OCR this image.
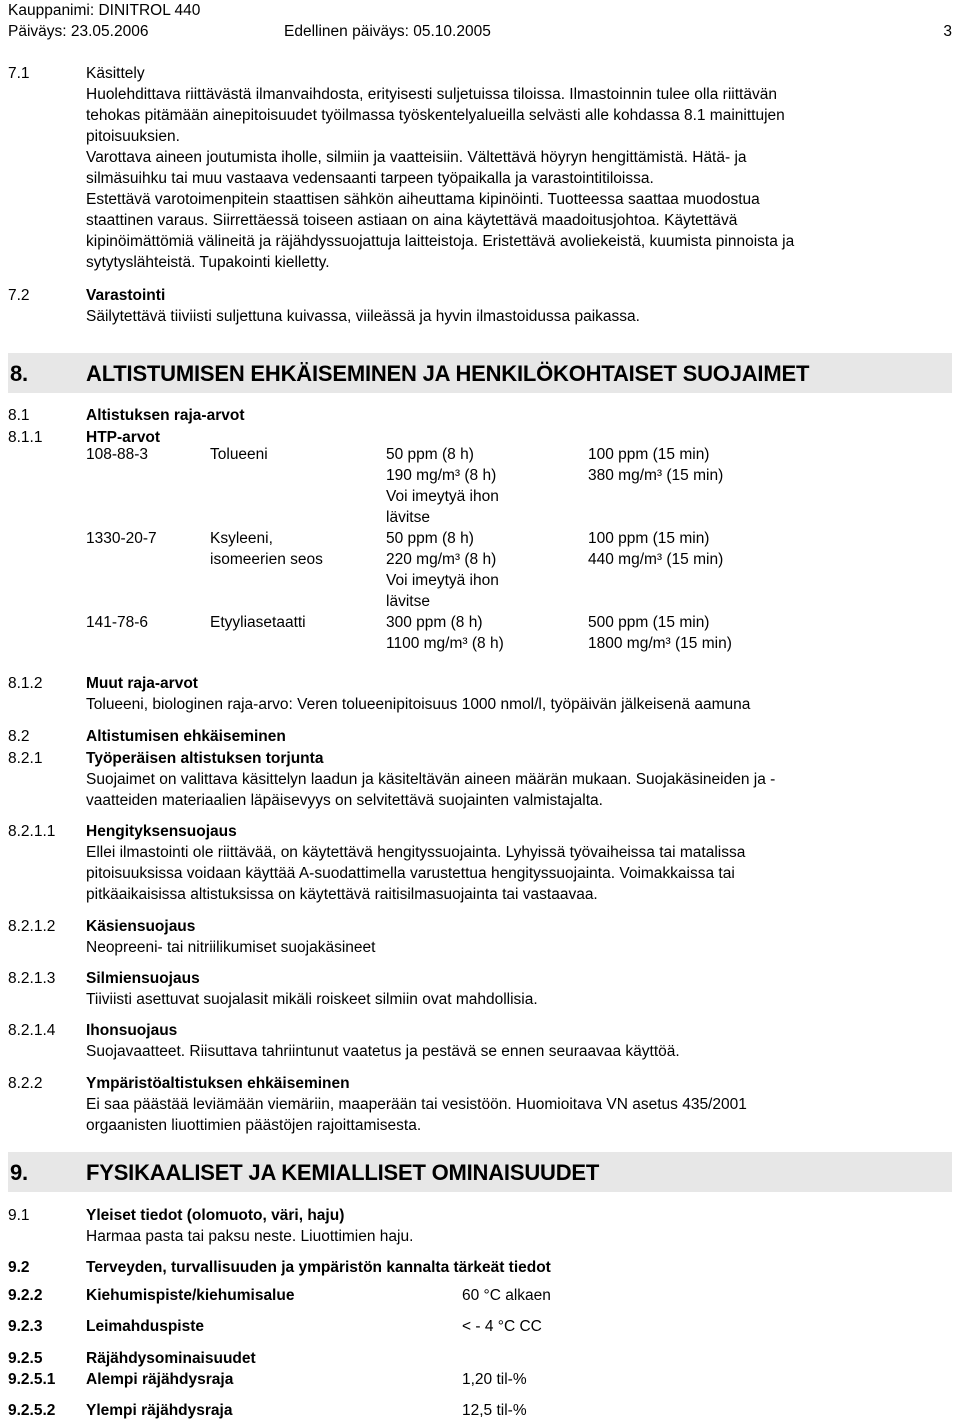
Kauppanimi: DINITROL 440
Päiväys: 23.05.2006	Edellinen päiväys: 05.10.2005	3
7.1	Käsittely

Huolehdittava riittävästä ilmanvaihdosta, erityisesti suljetuissa tiloissa. Ilmastoinnin tulee olla riittävän

tehokas pitämään ainepitoisuudet työilmassa työskentelyalueilla selvästi alle kohdassa 8.1 mainittujen

pitoisuuksien.

Varottava aineen joutumista iholle, silmiin ja vaatteisiin. Vältettävä höyryn hengittämistä. Hätä- ja

silmäsuihku tai muu vastaava vedensaanti tarpeen työpaikalla ja varastointitiloissa.

Estettävä varotoimenpitein staattisen sähkön aiheuttama kipinöinti. Tuotteessa saattaa muodostua

staattinen varaus. Siirrettäessä toiseen astiaan on aina käytettävä maadoitusjohtoa. Käytettävä

kipinöimättömiä välineitä ja räjähdyssuojattuja laitteistoja. Eristettävä avoliekeistä, kuumista pinnoista ja

sytytyslähteistä. Tupakointi kielletty.

7.2	Varastointi

Säilytettävä tiiviisti suljettuna kuivassa, viileässä ja hyvin ilmastoidussa paikassa.

8.	ALTISTUMISEN EHKÄISEMINEN JA HENKILÖKOHTAISET SUOJAIMET
8.1	Altistuksen raja-arvot
8.1.1	HTP-arvot
108-88-3	Tolueeni	50 ppm (8 h)	100 ppm (15 min)
190 mg/m³ (8 h)	380 mg/m³ (15 min)
Voi imeytyä ihon
lävitse
1330-20-7	Ksyleeni,	50 ppm (8 h)	100 ppm (15 min)
isomeerien seos	220 mg/m³ (8 h)	440 mg/m³ (15 min)
Voi imeytyä ihon
lävitse
141-78-6	Etyyliasetaatti	300 ppm (8 h)	500 ppm (15 min)
1100 mg/m³ (8 h)	1800 mg/m³ (15 min)
8.1.2	Muut raja-arvot

Tolueeni, biologinen raja-arvo: Veren tolueenipitoisuus 1000 nmol/l, työpäivän jälkeisenä aamuna

8.2	Altistumisen ehkäiseminen
8.2.1	Työperäisen altistuksen torjunta

Suojaimet on valittava käsittelyn laadun ja käsiteltävän aineen määrän mukaan. Suojakäsineiden ja -

vaatteiden materiaalien läpäisevyys on selvitettävä suojainten valmistajalta.

8.2.1.1 Hengityksensuojaus

Ellei ilmastointi ole riittävää, on käytettävä hengityssuojainta. Lyhyissä työvaiheissa tai matalissa

pitoisuuksissa voidaan käyttää A-suodattimella varustettua hengityssuojainta. Voimakkaissa tai

pitkäaikaisissa altistuksissa on käytettävä raitisilmasuojainta tai vastaavaa.

8.2.1.2 Käsiensuojaus

Neopreeni- tai nitriilikumiset suojakäsineet

8.2.1.3 Silmiensuojaus

Tiiviisti asettuvat suojalasit mikäli roiskeet silmiin ovat mahdollisia.

8.2.1.4 Ihonsuojaus

Suojavaatteet. Riisuttava tahriintunut vaatetus ja pestävä se ennen seuraavaa käyttöä.

8.2.2	Ympäristöaltistuksen ehkäiseminen

Ei saa päästää leviämään viemäriin, maaperään tai vesistöön. Huomioitava VN asetus 435/2001

orgaanisten liuottimien päästöjen rajoittamisesta.

9.	FYSIKAALISET JA KEMIALLISET OMINAISUUDET
9.1	Yleiset tiedot (olomuoto, väri, haju)

Harmaa pasta tai paksu neste. Liuottimien haju.

9.2	Terveyden, turvallisuuden ja ympäristön kannalta tärkeät tiedot
9.2.2	Kiehumispiste/kiehumisalue	60 °C alkaen
9.2.3	Leimahduspiste	< - 4 °C CC
9.2.5	Räjähdysominaisuudet
9.2.5.1 Alempi räjähdysraja	1,20 til-%
9.2.5.2 Ylempi räjähdysraja	12,5 til-%
